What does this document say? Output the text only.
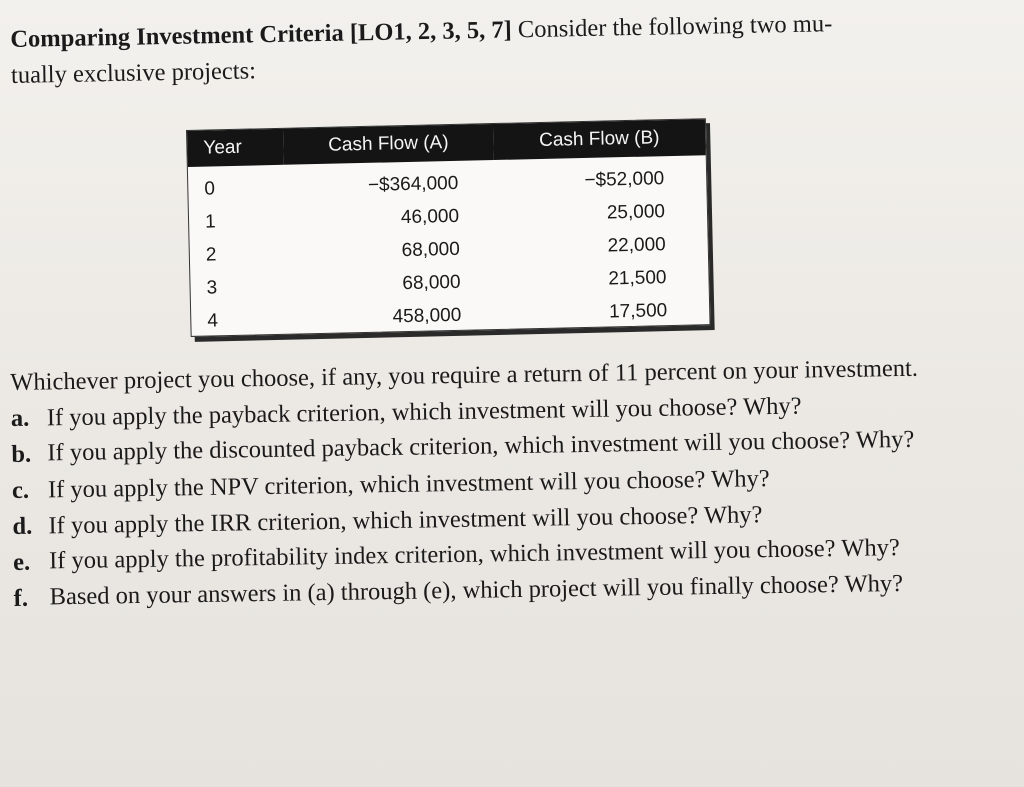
Comparing Investment Criteria [LO1, 2, 3, 5, 7] Consider the following two mu-
tually exclusive projects:
Year	Cash Flow (A)	Cash Flow (B)
0	−$364,000	−$52,000
1	46,000	25,000
2	68,000	22,000
3	68,000	21,500
4	458,000	17,500

Whichever project you choose, if any, you require a return of 11 percent on your investment.

a. If you apply the payback criterion, which investment will you choose? Why?
b. If you apply the discounted payback criterion, which investment will you choose? Why?
c. If you apply the NPV criterion, which investment will you choose? Why?
d. If you apply the IRR criterion, which investment will you choose? Why?
e. If you apply the profitability index criterion, which investment will you choose? Why?
f. Based on your answers in (a) through (e), which project will you finally choose? Why?
